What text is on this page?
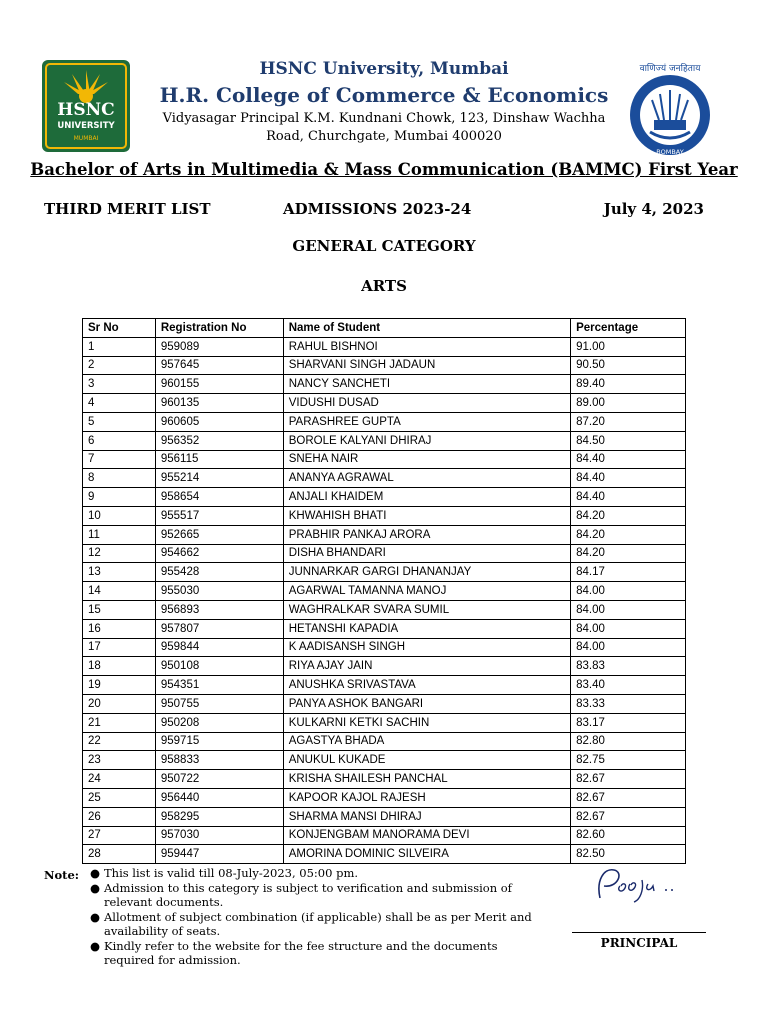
HSNC
UNIVERSITY
MUMBAI
HSNC University, Mumbai
H.R. College of Commerce & Economics
Vidyasagar Principal K.M. Kundnani Chowk, 123, Dinshaw Wachha
Road, Churchgate, Mumbai 400020
वाणिज्यं जनहिताय
BOMBAY
Bachelor of Arts in Multimedia & Mass Communication (BAMMC) First Year
THIRD MERIT LIST	ADMISSIONS 2023-24	July 4, 2023
GENERAL CATEGORY
ARTS
Sr No	Registration No	Name of Student	Percentage
1	959089	RAHUL BISHNOI	91.00
2	957645	SHARVANI SINGH JADAUN	90.50
3	960155	NANCY SANCHETI	89.40
4	960135	VIDUSHI DUSAD	89.00
5	960605	PARASHREE GUPTA	87.20
6	956352	BOROLE KALYANI DHIRAJ	84.50
7	956115	SNEHA NAIR	84.40
8	955214	ANANYA AGRAWAL	84.40
9	958654	ANJALI KHAIDEM	84.40
10	955517	KHWAHISH BHATI	84.20
11	952665	PRABHIR PANKAJ ARORA	84.20
12	954662	DISHA BHANDARI	84.20
13	955428	JUNNARKAR GARGI DHANANJAY	84.17
14	955030	AGARWAL TAMANNA MANOJ	84.00
15	956893	WAGHRALKAR SVARA SUMIL	84.00
16	957807	HETANSHI KAPADIA	84.00
17	959844	K AADISANSH SINGH	84.00
18	950108	RIYA AJAY JAIN	83.83
19	954351	ANUSHKA SRIVASTAVA	83.40
20	950755	PANYA ASHOK BANGARI	83.33
21	950208	KULKARNI KETKI SACHIN	83.17
22	959715	AGASTYA BHADA	82.80
23	958833	ANUKUL KUKADE	82.75
24	950722	KRISHA SHAILESH PANCHAL	82.67
25	956440	KAPOOR KAJOL RAJESH	82.67
26	958295	SHARMA MANSI DHIRAJ	82.67
27	957030	KONJENGBAM MANORAMA DEVI	82.60
28	959447	AMORINA DOMINIC SILVEIRA	82.50
Note: ● This list is valid till 08-July-2023, 05:00 pm.
● Admission to this category is subject to verification and submission of relevant documents.
● Allotment of subject combination (if applicable) shall be as per Merit and availability of seats.
● Kindly refer to the website for the fee structure and the documents required for admission.
PRINCIPAL
